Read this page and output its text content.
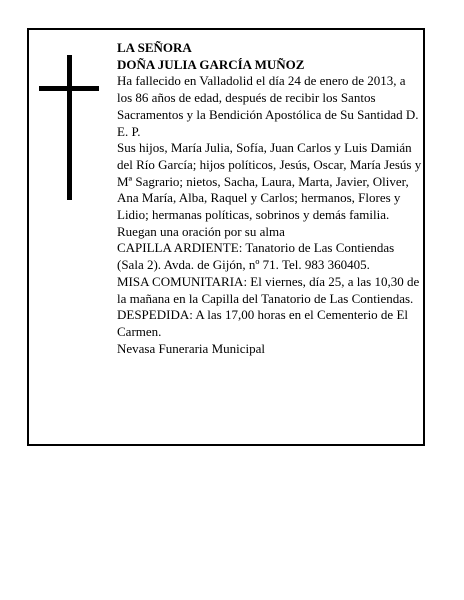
LA SEÑORA

DOÑA JULIA GARCÍA MUÑOZ

Ha fallecido en Valladolid el día 24 de enero de 2013, a los 86 años de edad, después de recibir los Santos Sacramentos y la Bendición Apostólica de Su Santidad D. E. P.

Sus hijos, María Julia, Sofía, Juan Carlos y Luis Damián del Río García; hijos políticos, Jesús, Oscar, María Jesús y Mª Sagrario; nietos, Sacha, Laura, Marta, Javier, Oliver, Ana María, Alba, Raquel y Carlos; hermanos, Flores y Lidio; hermanas políticas, sobrinos y demás familia.

Ruegan una oración por su alma

CAPILLA ARDIENTE: Tanatorio de Las Contiendas (Sala 2). Avda. de Gijón, nº 71. Tel. 983 360405.

MISA COMUNITARIA: El viernes, día 25, a las 10,30 de la mañana en la Capilla del Tanatorio de Las Contiendas.

DESPEDIDA: A las 17,00 horas en el Cementerio de El Carmen.

Nevasa Funeraria Municipal
